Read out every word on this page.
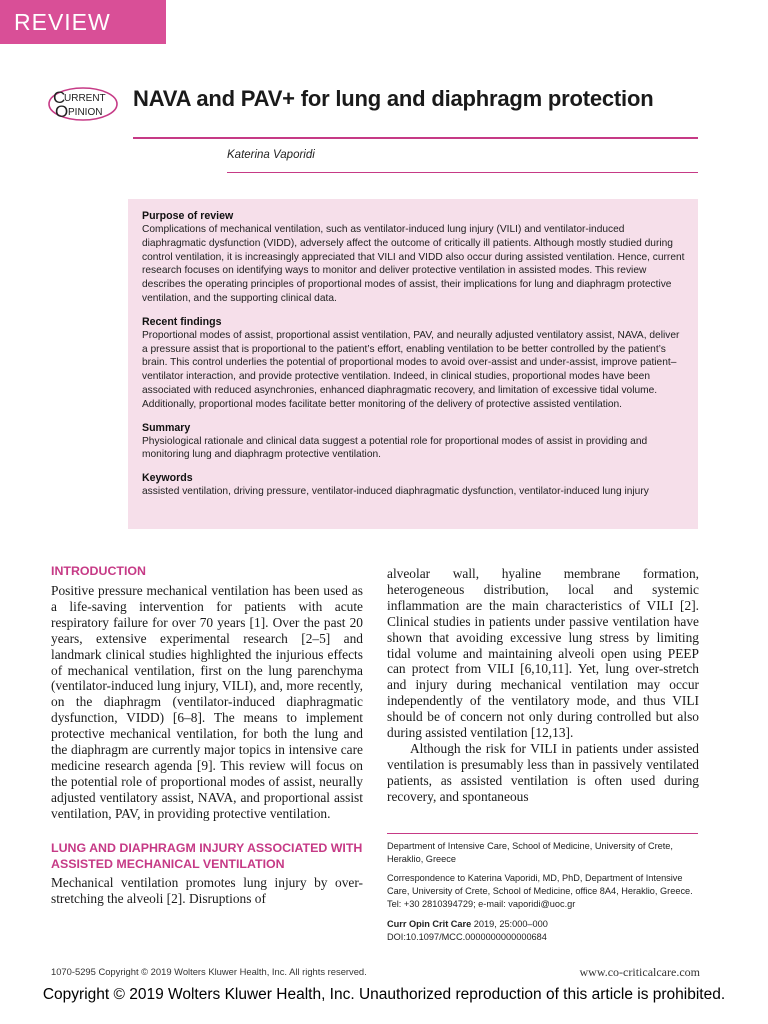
REVIEW
C
URRENT
O PINION
NAVA and PAV+ for lung and diaphragm protection
Katerina Vaporidi
Purpose of review

Complications of mechanical ventilation, such as ventilator-induced lung injury (VILI) and ventilator-induced diaphragmatic dysfunction (VIDD), adversely affect the outcome of critically ill patients. Although mostly studied during control ventilation, it is increasingly appreciated that VILI and VIDD also occur during assisted ventilation. Hence, current research focuses on identifying ways to monitor and deliver protective ventilation in assisted modes. This review describes the operating principles of proportional modes of assist, their implications for lung and diaphragm protective ventilation, and the supporting clinical data.

Recent findings

Proportional modes of assist, proportional assist ventilation, PAV, and neurally adjusted ventilatory assist, NAVA, deliver a pressure assist that is proportional to the patient’s effort, enabling ventilation to be better controlled by the patient’s brain. This control underlies the potential of proportional modes to avoid over-assist and under-assist, improve patient–ventilator interaction, and provide protective ventilation. Indeed, in clinical studies, proportional modes have been associated with reduced asynchronies, enhanced diaphragmatic recovery, and limitation of excessive tidal volume. Additionally, proportional modes facilitate better monitoring of the delivery of protective assisted ventilation.

Summary

Physiological rationale and clinical data suggest a potential role for proportional modes of assist in providing and monitoring lung and diaphragm protective ventilation.

Keywords

assisted ventilation, driving pressure, ventilator-induced diaphragmatic dysfunction, ventilator-induced lung injury

INTRODUCTION

Positive pressure mechanical ventilation has been used as a life-saving intervention for patients with acute respiratory failure for over 70 years [1]. Over the past 20 years, extensive experimental research [2–5] and landmark clinical studies highlighted the injurious effects of mechanical ventilation, first on the lung parenchyma (ventilator-induced lung injury, VILI), and, more recently, on the diaphragm (ventilator-induced diaphragmatic dysfunction, VIDD) [6–8]. The means to implement protective mechanical ventilation, for both the lung and the diaphragm are currently major topics in intensive care medicine research agenda [9]. This review will focus on the potential role of proportional modes of assist, neurally adjusted ventilatory assist, NAVA, and proportional assist ventilation, PAV, in providing protective ventilation.

LUNG AND DIAPHRAGM INJURY ASSOCIATED WITH ASSISTED MECHANICAL VENTILATION

Mechanical ventilation promotes lung injury by over-stretching the alveoli [2]. Disruptions of

alveolar wall, hyaline membrane formation, heterogeneous distribution, local and systemic inflammation are the main characteristics of VILI [2]. Clinical studies in patients under passive ventilation have shown that avoiding excessive lung stress by limiting tidal volume and maintaining alveoli open using PEEP can protect from VILI [6,10,11]. Yet, lung over-stretch and injury during mechanical ventilation may occur independently of the ventilatory mode, and thus VILI should be of concern not only during controlled but also during assisted ventilation [12,13].

Although the risk for VILI in patients under assisted ventilation is presumably less than in passively ventilated patients, as assisted ventilation is often used during recovery, and spontaneous

Department of Intensive Care, School of Medicine, University of Crete, Heraklio, Greece

Correspondence to Katerina Vaporidi, MD, PhD, Department of Intensive Care, University of Crete, School of Medicine, office 8A4, Heraklio, Greece. Tel: +30 2810394729; e-mail: vaporidi@uoc.gr

Curr Opin Crit Care 2019, 25:000–000

DOI:10.1097/MCC.0000000000000684

1070-5295 Copyright © 2019 Wolters Kluwer Health, Inc. All rights reserved.	www.co-criticalcare.com
Copyright © 2019 Wolters Kluwer Health, Inc. Unauthorized reproduction of this article is prohibited.
